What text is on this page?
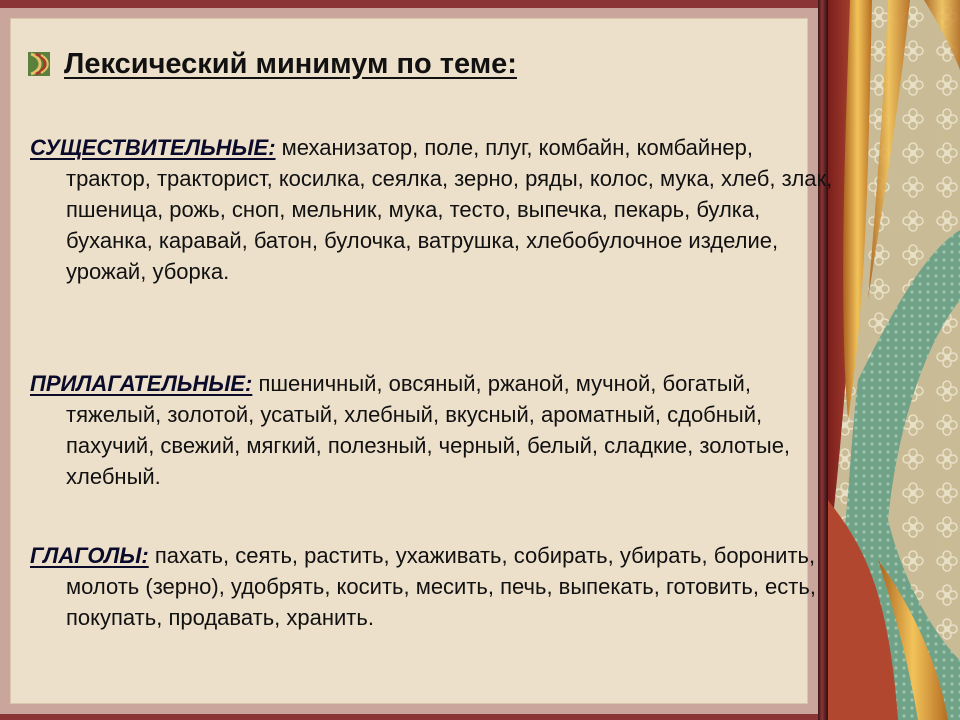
Лексический минимум по теме:
СУЩЕСТВИТЕЛЬНЫЕ: механизатор, поле, плуг, комбайн, комбайнер, трактор, тракторист, косилка, сеялка, зерно, ряды, колос, мука, хлеб, злак, пшеница, рожь, сноп, мельник, мука, тесто, выпечка, пекарь, булка, буханка, каравай, батон, булочка, ватрушка, хлебобулочное изделие, урожай, уборка.
ПРИЛАГАТЕЛЬНЫЕ: пшеничный, овсяный, ржаной, мучной, богатый, тяжелый, золотой, усатый, хлебный, вкусный, ароматный, сдобный, пахучий, свежий, мягкий, полезный, черный, белый, сладкие, золотые, хлебный.
ГЛАГОЛЫ: пахать, сеять, растить, ухаживать, собирать, убирать, боронить, молоть (зерно), удобрять, косить, месить, печь, выпекать, готовить, есть, покупать, продавать, хранить.
